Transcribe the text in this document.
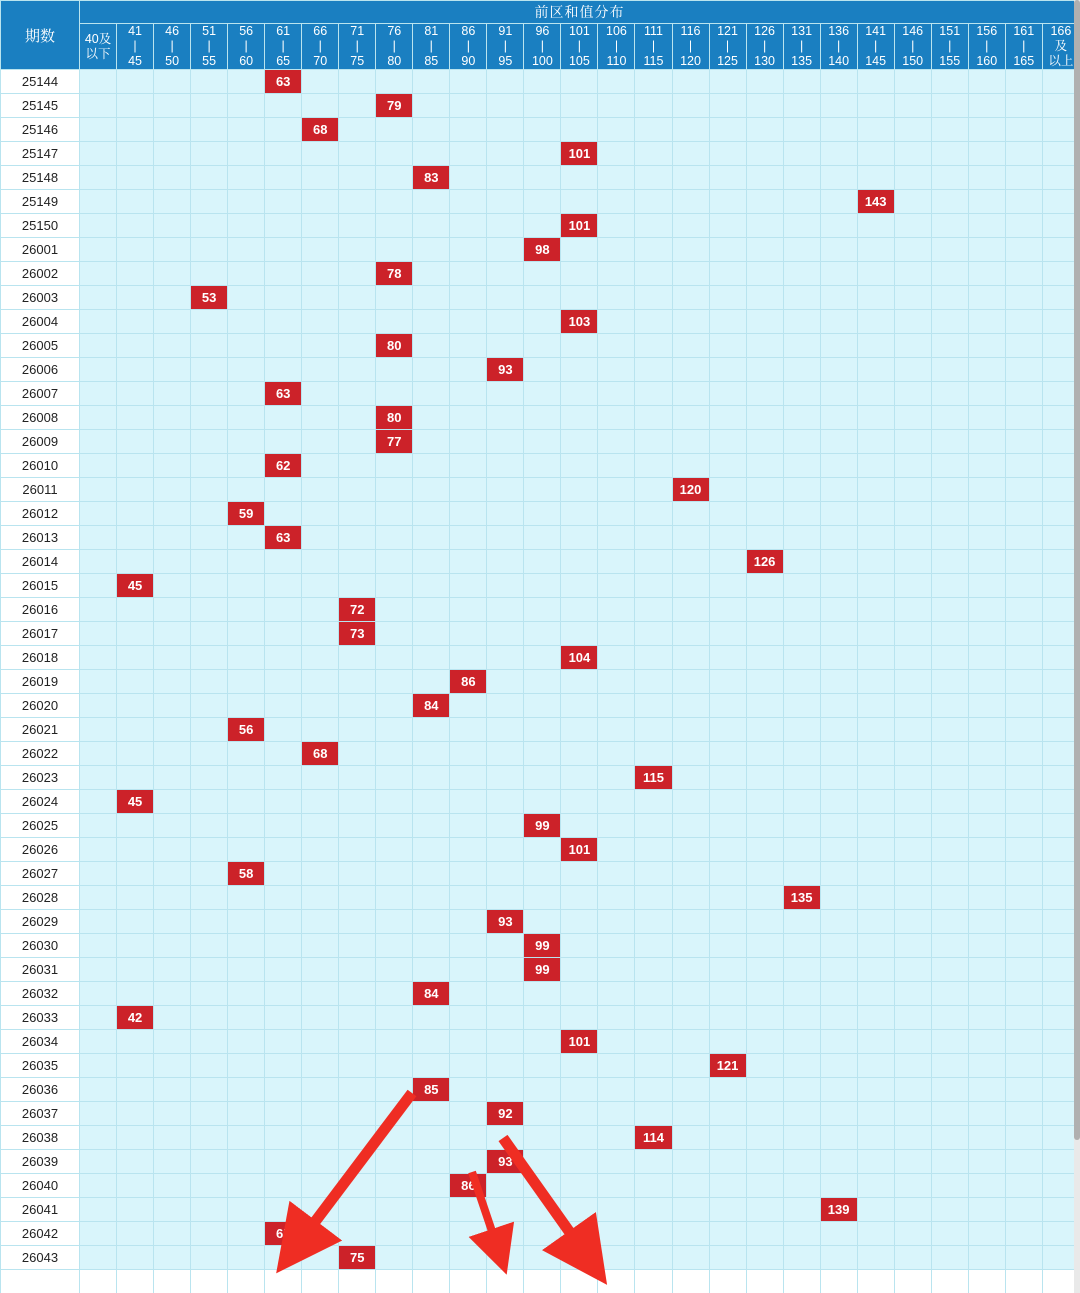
期数	前区和值分布																										

40及
以下

41
|
45

46
|
50

51
|
55

56
|
60

61
|
65

66
|
70

71
|
75

76
|
80

81
|
85

86
|
90

91
|
95

96
|
100

101
|
105

106
|
110

111
|
115

116
|
120

121
|
125

126
|
130

131
|
135

136
|
140

141
|
145

146
|
150

151
|
155

156
|
160

161
|
165

166
及
以上

25144						63																					
25145									79																		
25146							68																				
25147														101													
25148										83																	
25149																						143					
25150														101													
26001													98														
26002									78																		
26003				53																							
26004														103													
26005									80																		
26006												93															
26007						63																					
26008									80																		
26009									77																		
26010						62																					
26011																	120										
26012					59																						
26013						63																					
26014																			126								
26015		45																									
26016								72																			
26017								73																			
26018														104													
26019											86																
26020										84																	
26021					56																						
26022							68																				
26023																115											
26024		45																									
26025													99														
26026														101													
26027					58																						
26028																				135							
26029												93															
26030													99														
26031													99														
26032										84																	
26033		42																									
26034														101													
26035																		121									
26036										85																	
26037												92															
26038																114											
26039												93															
26040											86																
26041																					139						
26042						65																					
26043								75																			
